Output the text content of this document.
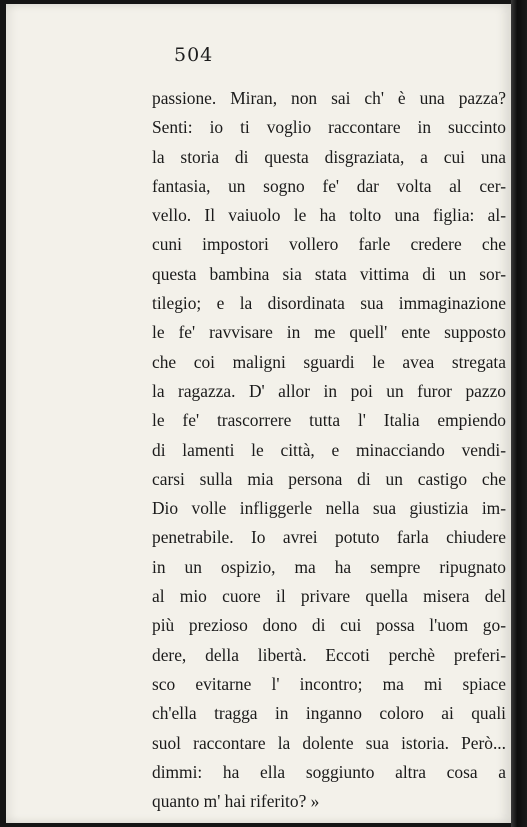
504
passione. Miran, non sai ch' è una pazza?
Senti: io ti voglio raccontare in succinto
la storia di questa disgraziata, a cui una
fantasia, un sogno fe' dar volta al cer-
vello. Il vaiuolo le ha tolto una figlia: al-
cuni impostori vollero farle credere che
questa bambina sia stata vittima di un sor-
tilegio; e la disordinata sua immaginazione
le fe' ravvisare in me quell' ente supposto
che coi maligni sguardi le avea stregata
la ragazza. D' allor in poi un furor pazzo
le fe' trascorrere tutta l' Italia empiendo
di lamenti le città, e minacciando vendi-
carsi sulla mia persona di un castigo che
Dio volle infliggerle nella sua giustizia im-
penetrabile. Io avrei potuto farla chiudere
in un ospizio, ma ha sempre ripugnato
al mio cuore il privare quella misera del
più prezioso dono di cui possa l'uom go-
dere, della libertà. Eccoti perchè preferi-
sco evitarne l' incontro; ma mi spiace
ch'ella tragga in inganno coloro ai quali
suol raccontare la dolente sua istoria. Però...
dimmi: ha ella soggiunto altra cosa a
quanto m' hai riferito? »
